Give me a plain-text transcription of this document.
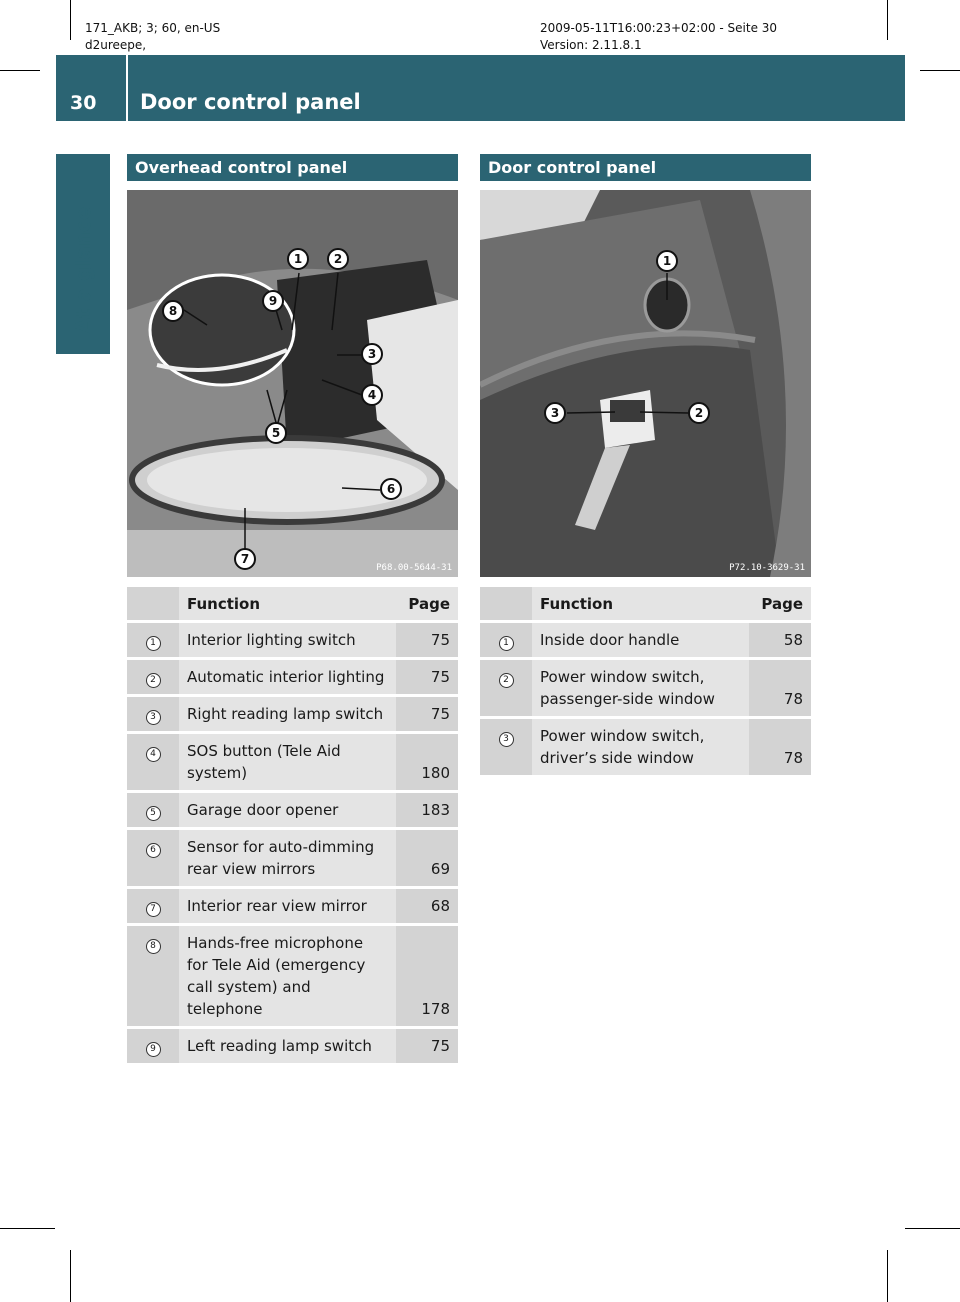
171_AKB; 3; 60, en-US
d2ureepe,
2009-05-11T16:00:23+02:00 - Seite 30
Version: 2.11.8.1
30	Door control panel
At a glance
Overhead control panel
1	2
3
4
5
6
7
8
9
P68.00-5644-31
	Function	Page
1	Interior lighting switch	75
2	Automatic interior lighting	75
3	Right reading lamp switch	75
4	SOS button (Tele Aid system)	180
5	Garage door opener	183
6	Sensor for auto-dimming rear view mirrors	69
7	Interior rear view mirror	68
8	Hands-free microphone for Tele Aid (emergency call system) and telephone	178
9	Left reading lamp switch	75
Door control panel
1
2
3
P72.10-3629-31
	Function	Page
1	Inside door handle	58
2	Power window switch, passenger-side window	78
3	Power window switch, driver’s side window	78
